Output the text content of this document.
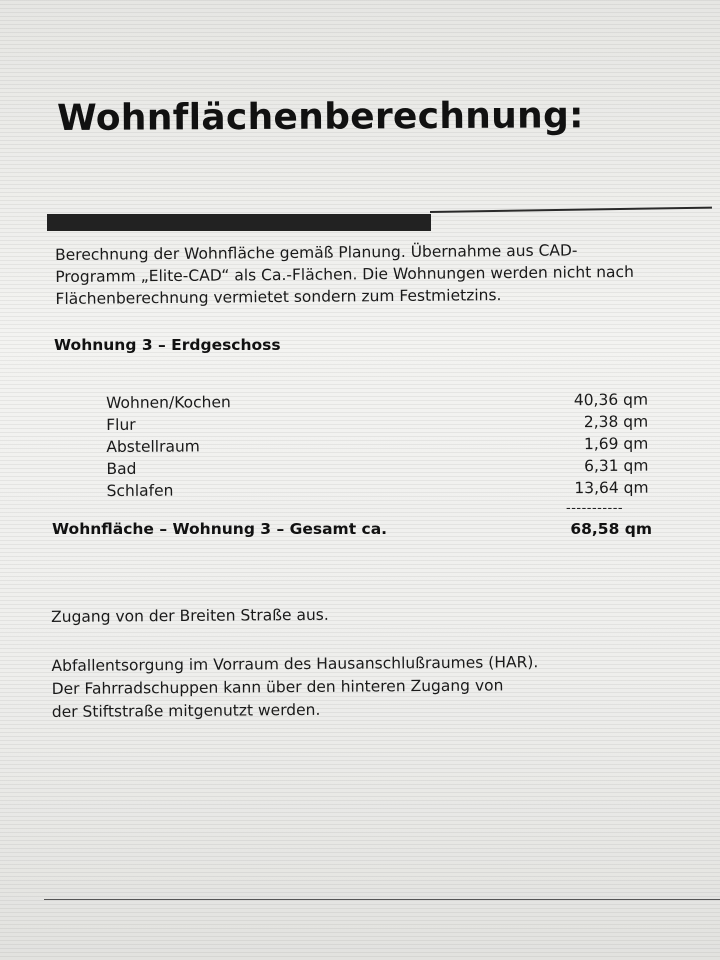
Wohnflächenberechnung:
Berechnung der Wohnfläche gemäß Planung. Übernahme aus CAD-
Programm „Elite-CAD“ als Ca.-Flächen. Die Wohnungen werden nicht nach
Flächenberechnung vermietet sondern zum Festmietzins.
Wohnung 3 – Erdgeschoss
Wohnen/Kochen	40,36 qm
Flur	2,38 qm
Abstellraum	1,69 qm
Bad	6,31 qm
Schlafen	13,64 qm
-----------
Wohnfläche – Wohnung 3 – Gesamt ca.	68,58 qm
Zugang von der Breiten Straße aus.
Abfallentsorgung im Vorraum des Hausanschlußraumes (HAR).
Der Fahrradschuppen kann über den hinteren Zugang von
der Stiftstraße mitgenutzt werden.
